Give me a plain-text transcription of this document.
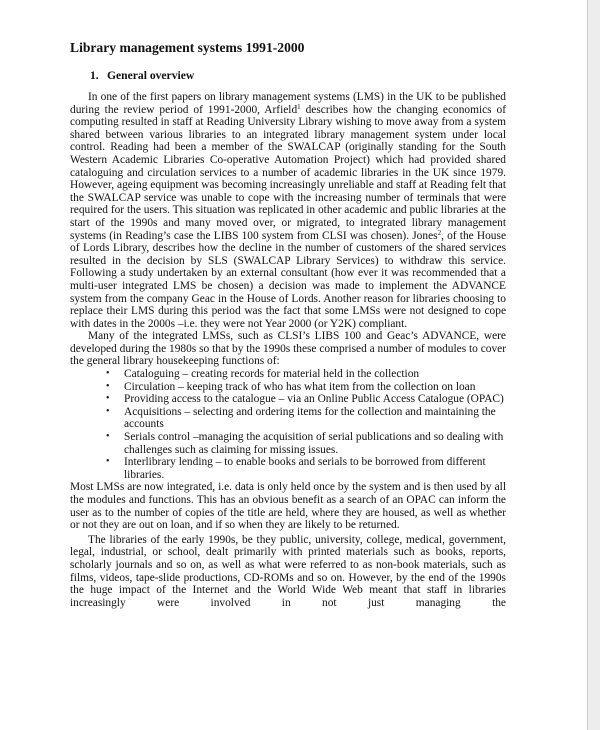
Library management systems 1991-2000
1. General overview

In one of the first papers on library management systems (LMS) in the UK to be published during the review period of 1991-2000, Arfield$^1$ describes how the changing economics of computing resulted in staff at Reading University Library wishing to move away from a system shared between various libraries to an integrated library management system under local control. Reading had been a member of the SWALCAP (originally standing for the South Western Academic Libraries Co-operative Automation Project) which had provided shared cataloguing and circulation services to a number of academic libraries in the UK since 1979. However, ageing equipment was becoming increasingly unreliable and staff at Reading felt that the SWALCAP service was unable to cope with the increasing number of terminals that were required for the users. This situation was replicated in other academic and public libraries at the start of the 1990s and many moved over, or migrated, to integrated library management systems (in Reading’s case the LIBS 100 system from CLSI was chosen). Jones$^2$, of the House of Lords Library, describes how the decline in the number of customers of the shared services resulted in the decision by SLS (SWALCAP Library Services) to withdraw this service. Following a study undertaken by an external consultant (how ever it was recommended that a multi-user integrated LMS be chosen) a decision was made to implement the ADVANCE system from the company Geac in the House of Lords. Another reason for libraries choosing to replace their LMS during this period was the fact that some LMSs were not designed to cope with dates in the 2000s –i.e. they were not Year 2000 (or Y2K) compliant.

Many of the integrated LMSs, such as CLSI’s LIBS 100 and Geac’s ADVANCE, were developed during the 1980s so that by the 1990s these comprised a number of modules to cover the general library housekeeping functions of:

• Cataloguing – creating records for material held in the collection
• Circulation – keeping track of who has what item from the collection on loan
• Providing access to the catalogue – via an Online Public Access Catalogue (OPAC)
• Acquisitions – selecting and ordering items for the collection and maintaining the accounts
• Serials control –managing the acquisition of serial publications and so dealing with challenges such as claiming for missing issues.
• Interlibrary lending – to enable books and serials to be borrowed from different libraries.

Most LMSs are now integrated, i.e. data is only held once by the system and is then used by all the modules and functions. This has an obvious benefit as a search of an OPAC can inform the user as to the number of copies of the title are held, where they are housed, as well as whether or not they are out on loan, and if so when they are likely to be returned.

The libraries of the early 1990s, be they public, university, college, medical, government, legal, industrial, or school, dealt primarily with printed materials such as books, reports, scholarly journals and so on, as well as what were referred to as non-book materials, such as films, videos, tape-slide productions, CD-ROMs and so on. However, by the end of the 1990s the huge impact of the Internet and the World Wide Web meant that staff in libraries increasingly were involved in not just managing the
